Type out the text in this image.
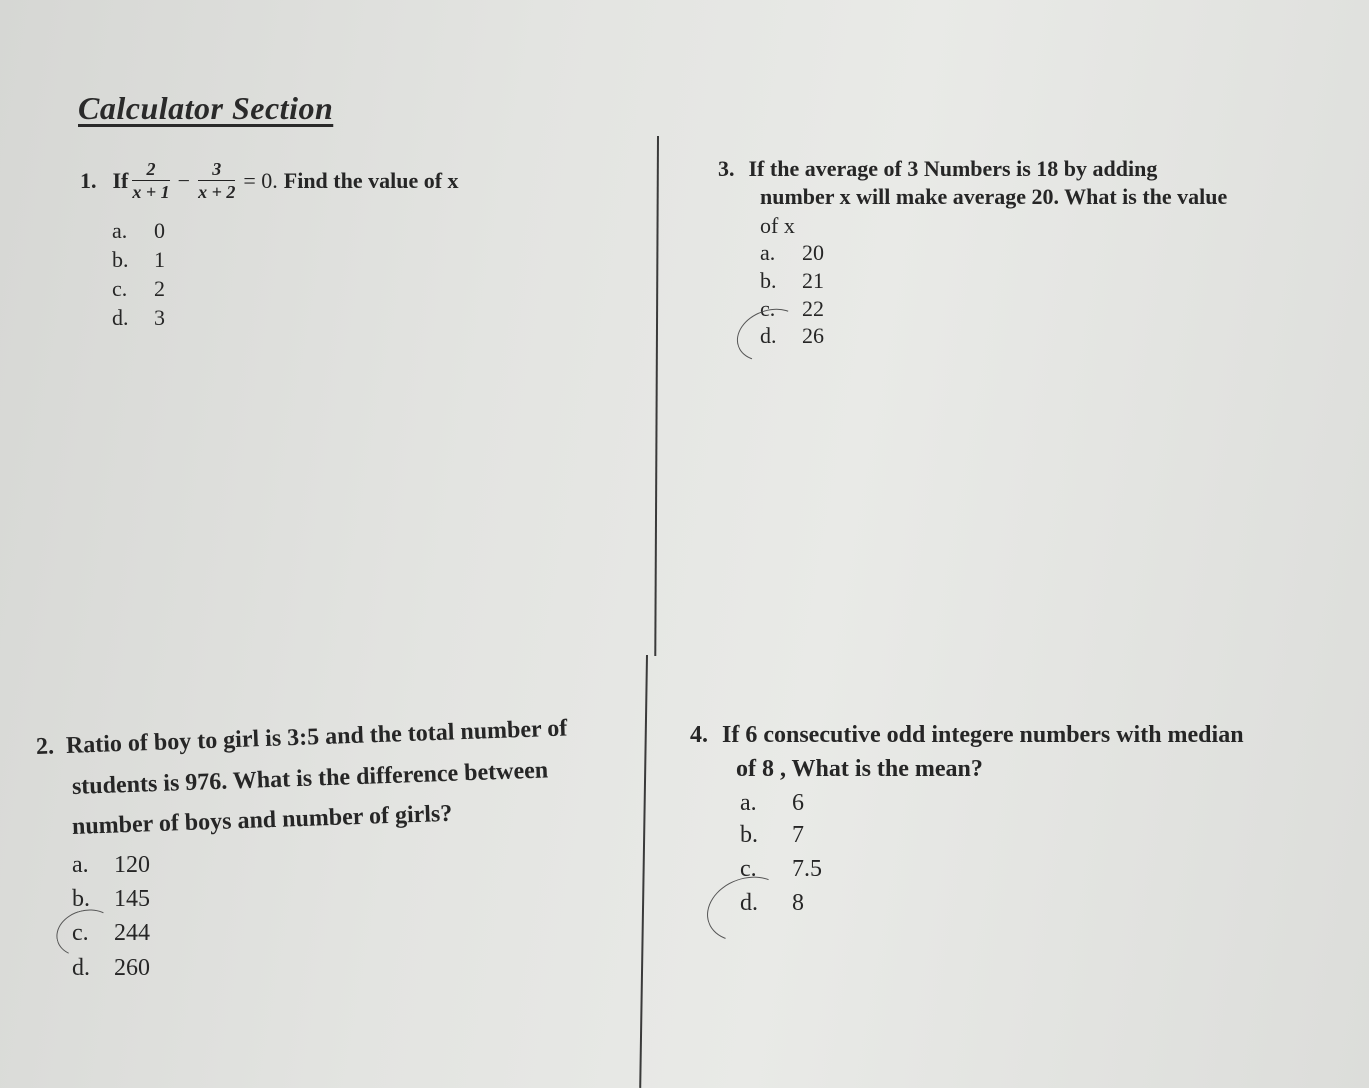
Calculator Section
1. If $\frac{2}{x + 1} - \frac{3}{x + 2} = 0$. Find the value of x
a. 0
b. 1
c. 2
d. 3
3. If the average of 3 Numbers is 18 by adding
number x will make average 20. What is the value
of x
a. 20
b. 21
c. 22
d. 26
2. Ratio of boy to girl is 3:5 and the total number of
students is 976. What is the difference between
number of boys and number of girls?
a. 120
b. 145
c. 244
d. 260
4. If 6 consecutive odd integere numbers with median
of 8 , What is the mean?
a. 6
b. 7
c. 7.5
d. 8
